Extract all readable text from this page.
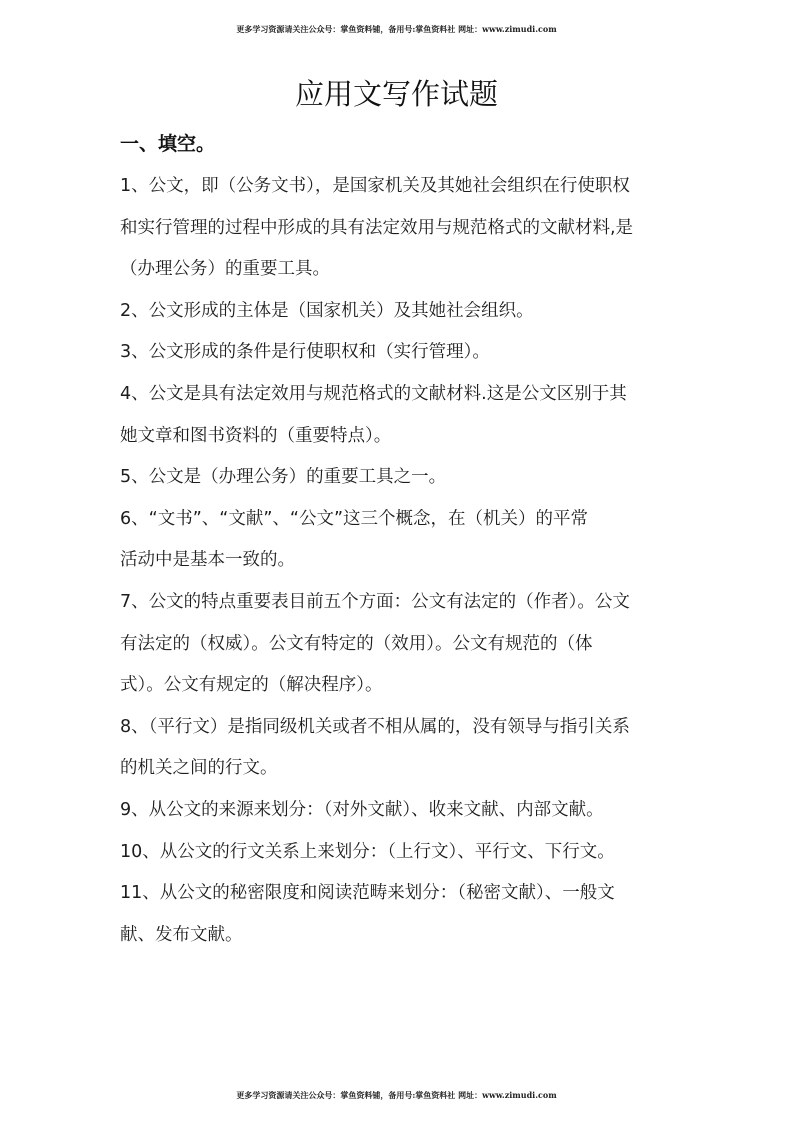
更多学习资源请关注公众号：掌鱼资料铺，备用号:掌鱼资料社 网址：www.zimudi.com
应用文写作试题
一、填空。
1、公文，即（公务文书），是国家机关及其她社会组织在行使职权
和实行管理的过程中形成的具有法定效用与规范格式的文献材料,是
（办理公务）的重要工具。
2、公文形成的主体是（国家机关）及其她社会组织。
3、公文形成的条件是行使职权和（实行管理）。
4、公文是具有法定效用与规范格式的文献材料.这是公文区别于其
她文章和图书资料的（重要特点）。
5、公文是（办理公务）的重要工具之一。
6、“文书”、“文献”、“公文”这三个概念，在（机关）的平常
活动中是基本一致的。
7、公文的特点重要表目前五个方面：公文有法定的（作者）。公文
有法定的（权威）。公文有特定的（效用）。公文有规范的（体
式）。公文有规定的（解决程序）。
8、（平行文）是指同级机关或者不相从属的，没有领导与指引关系
的机关之间的行文。
9、从公文的来源来划分：（对外文献）、收来文献、内部文献。
10、从公文的行文关系上来划分：（上行文）、平行文、下行文。
11、从公文的秘密限度和阅读范畴来划分：（秘密文献）、一般文
献、发布文献。
更多学习资源请关注公众号：掌鱼资料铺，备用号:掌鱼资料社 网址：www.zimudi.com
